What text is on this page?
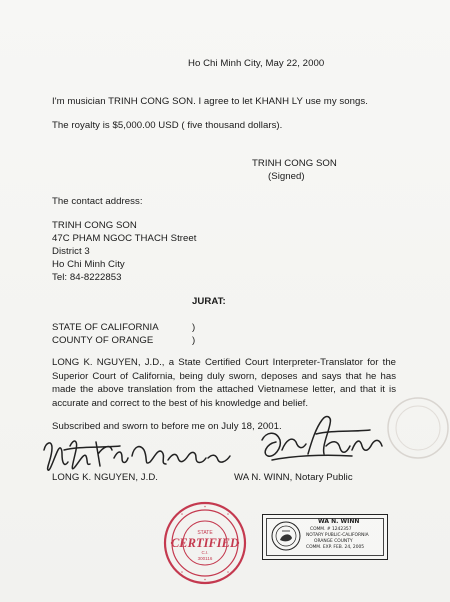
Ho Chi Minh City, May 22, 2000
I'm musician TRINH CONG SON. I agree to let KHANH LY use my songs.
The royalty is $5,000.00 USD ( five thousand dollars).
TRINH CONG SON
(Signed)
The contact address:
TRINH CONG SON
47C PHAM NGOC THACH Street
District 3
Ho Chi Minh City
Tel: 84-8222853
JURAT:
STATE OF CALIFORNIA	)
COUNTY OF ORANGE	)
LONG K. NGUYEN, J.D., a State Certified Court Interpreter-Translator for the Superior Court of California, being duly sworn, deposes and says that he has made the above translation from the attached Vietnamese letter, and that it is accurate and correct to the best of his knowledge and belief.
Subscribed and sworn to before me on July 18, 2001.
LONG K. NGUYEN, J.D.	WA N. WINN, Notary Public
STATE
CERTIFIED
C.I.
300116
WA N. WINN
COMM. # 1242357
NOTARY PUBLIC-CALIFORNIA
ORANGE COUNTY
COMM. EXP. FEB. 24, 2005
